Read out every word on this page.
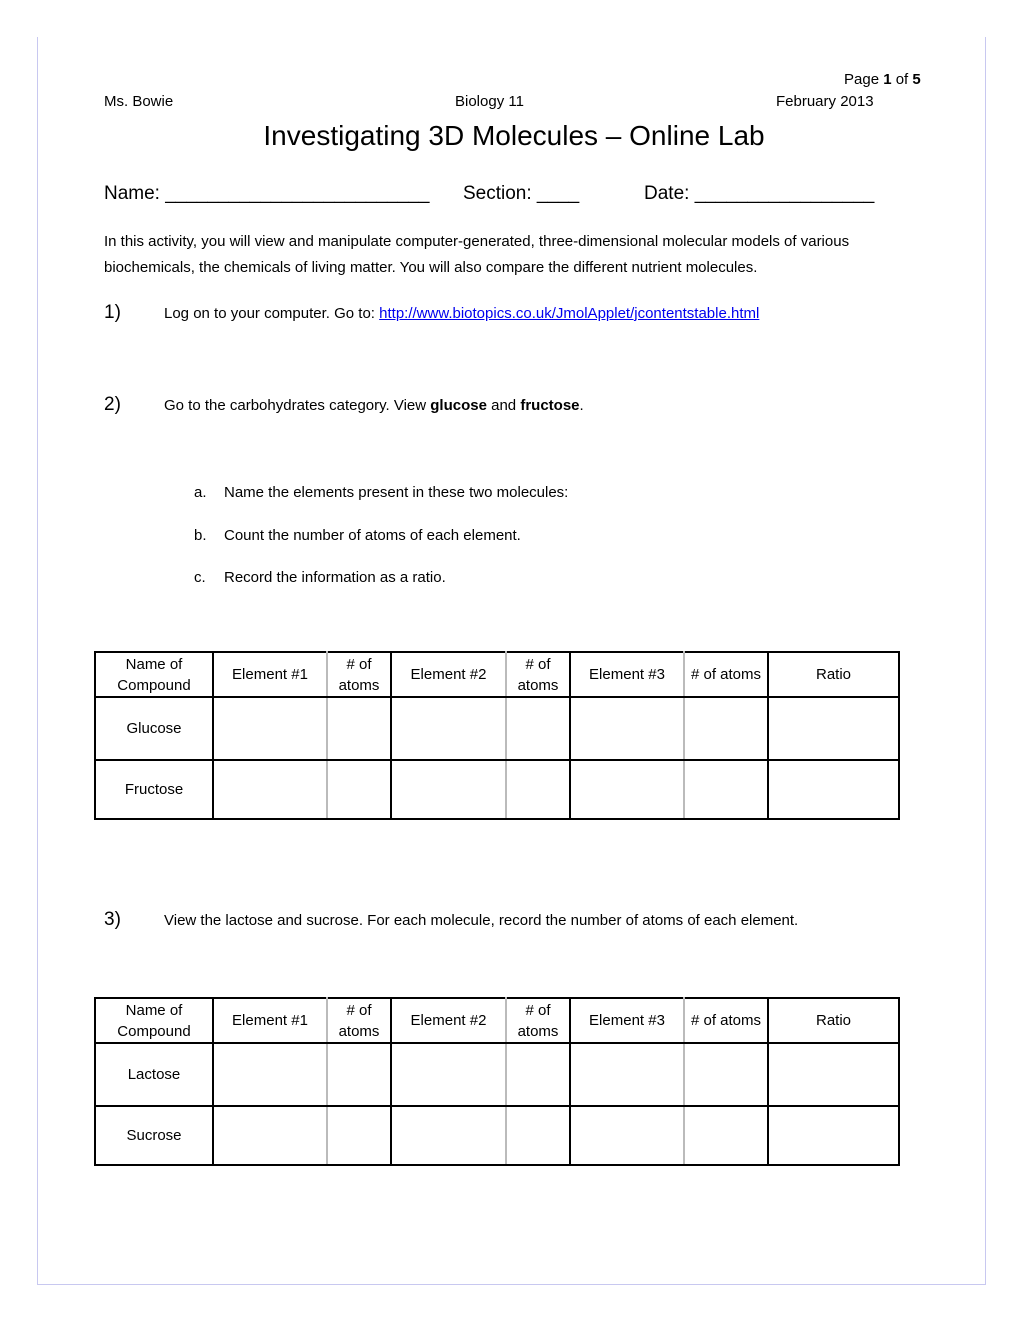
Page 1 of 5
Ms. Bowie	Biology 11	February 2013
Investigating 3D Molecules – Online Lab
Name: _________________________ Section: ____	Date: _________________
In this activity, you will view and manipulate computer-generated, three-dimensional molecular models of various biochemicals, the chemicals of living matter. You will also compare the different nutrient molecules.
1)	Log on to your computer. Go to: http://www.biotopics.co.uk/JmolApplet/jcontentstable.html
2)	Go to the carbohydrates category. View glucose and fructose.
a. Name the elements present in these two molecules:
b. Count the number of atoms of each element.
c. Record the information as a ratio.
Name of Compound	Element #1	# of atoms	Element #2	# of atoms	Element #3	# of atoms	Ratio
Glucose							
Fructose							
3)	View the lactose and sucrose. For each molecule, record the number of atoms of each element.
Name of Compound	Element #1	# of atoms	Element #2	# of atoms	Element #3	# of atoms	Ratio
Lactose							
Sucrose							
